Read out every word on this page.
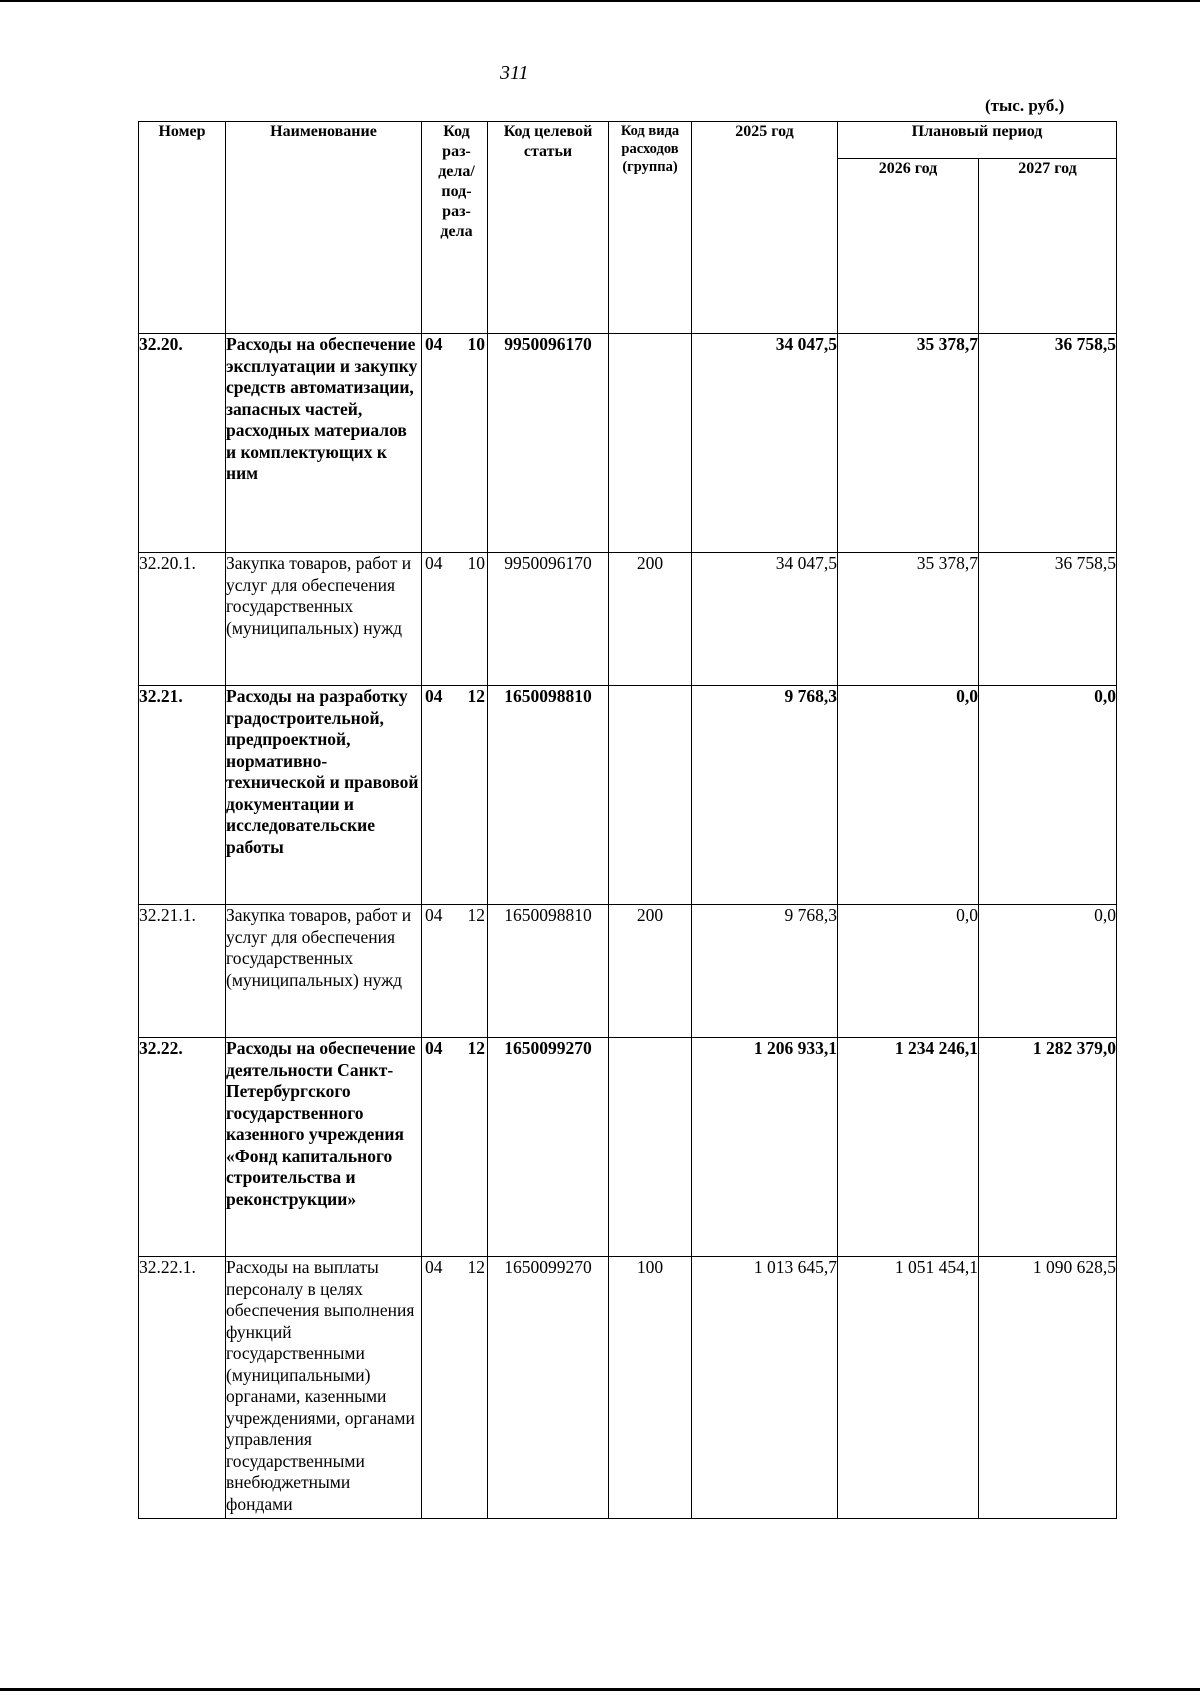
311
(тыс. руб.)
Номер	Наименование	Код раз-дела/ под-раз-дела	Код целевой статьи	Код вида расходов (группа)	2025 год	Плановый период	
						2026 год	2027 год
32.20.	Расходы на обеспечение эксплуатации и закупку средств автоматизации, запасных частей, расходных материалов и комплектующих к ним	04 10	9950096170		34 047,5	35 378,7	36 758,5
32.20.1.	Закупка товаров, работ и услуг для обеспечения государственных (муниципальных) нужд	04 10	9950096170	200	34 047,5	35 378,7	36 758,5
32.21.	Расходы на разработку градостроительной, предпроектной, нормативно-технической и правовой документации и исследовательские работы	04 12	1650098810		9 768,3	0,0	0,0
32.21.1.	Закупка товаров, работ и услуг для обеспечения государственных (муниципальных) нужд	04 12	1650098810	200	9 768,3	0,0	0,0
32.22.	Расходы на обеспечение деятельности Санкт-Петербургского государственного казенного учреждения «Фонд капитального строительства и реконструкции»	04 12	1650099270		1 206 933,1	1 234 246,1	1 282 379,0
32.22.1.	Расходы на выплаты персоналу в целях обеспечения выполнения функций государственными (муниципальными) органами, казенными учреждениями, органами управления государственными внебюджетными фондами	04 12	1650099270	100	1 013 645,7	1 051 454,1	1 090 628,5
